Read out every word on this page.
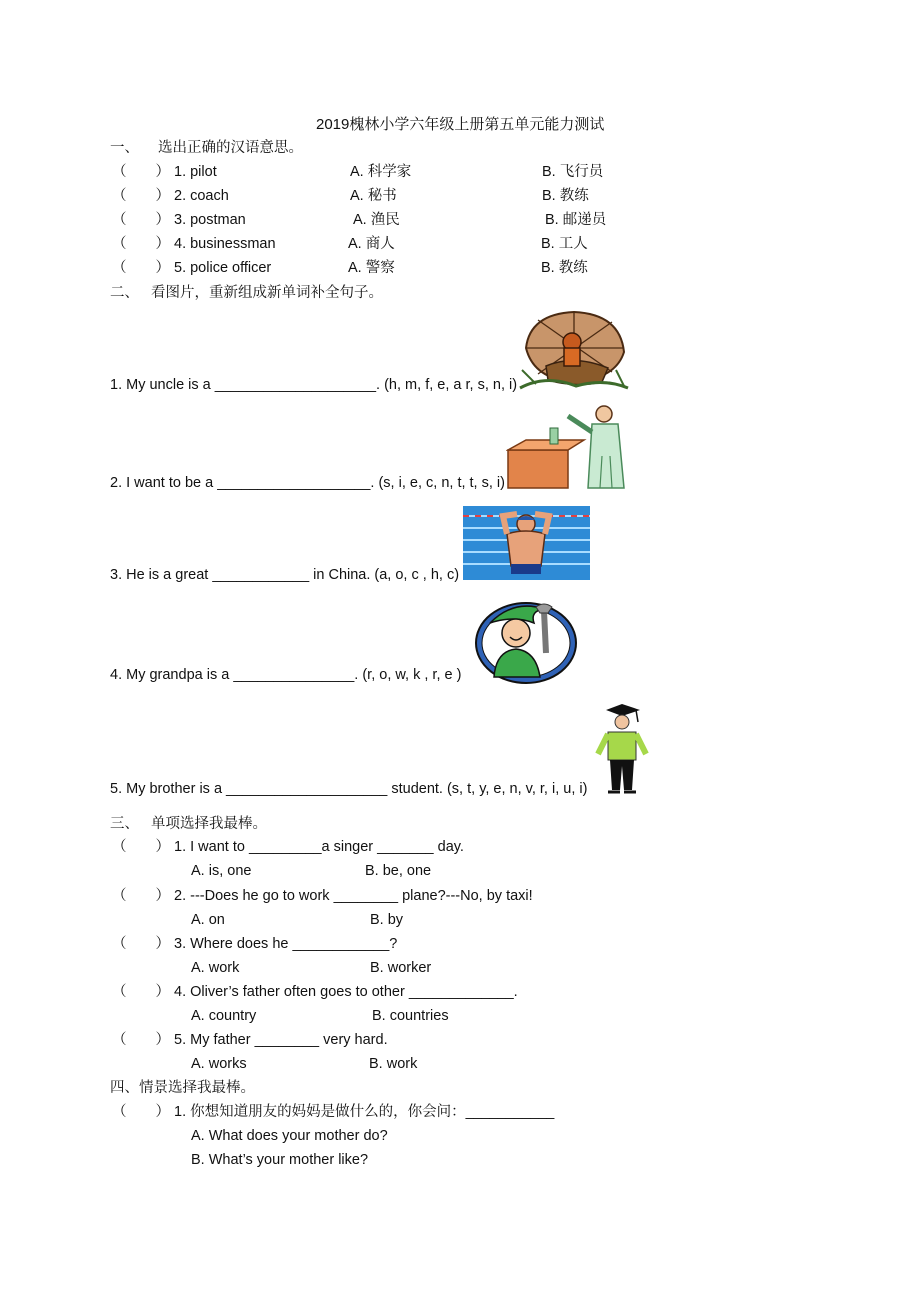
2019槐林小学六年级上册第五单元能力测试
一、 选出正确的汉语意思。
（　　） 1. pilot	A. 科学家	B. 飞行员
（　　） 2. coach	A. 秘书	B. 教练
（　　） 3. postman	A. 渔民	B. 邮递员
（　　） 4. businessman	A. 商人	B. 工人
（　　） 5. police officer	A. 警察	B. 教练
二、 看图片，重新组成新单词补全句子。
1. My uncle is a ____________________. (h, m, f, e, a r, s, n, i)
2. I want to be a ___________________. (s, i, e, c, n, t, t, s, i)
3. He is a great ____________ in China. (a, o, c , h, c)
4. My grandpa is a _______________. (r, o, w, k , r, e )
5. My brother is a ____________________ student. (s, t, y, e, n, v, r, i, u, i)
三、 单项选择我最棒。
（　　） 1. I want to _________a singer _______ day.
A. is, one	B. be, one
（　　） 2. ---Does he go to work ________ plane?---No, by taxi!
A. on	B. by
（　　） 3. Where does he ____________?
A. work	B. worker
（　　） 4. Oliver’s father often goes to other _____________.
A. country	B. countries
（　　） 5. My father ________ very hard.
A. works	B. work
四、情景选择我最棒。
（　　） 1. 你想知道朋友的妈妈是做什么的，你会问：___________
A. What does your mother do?
B. What’s your mother like?
